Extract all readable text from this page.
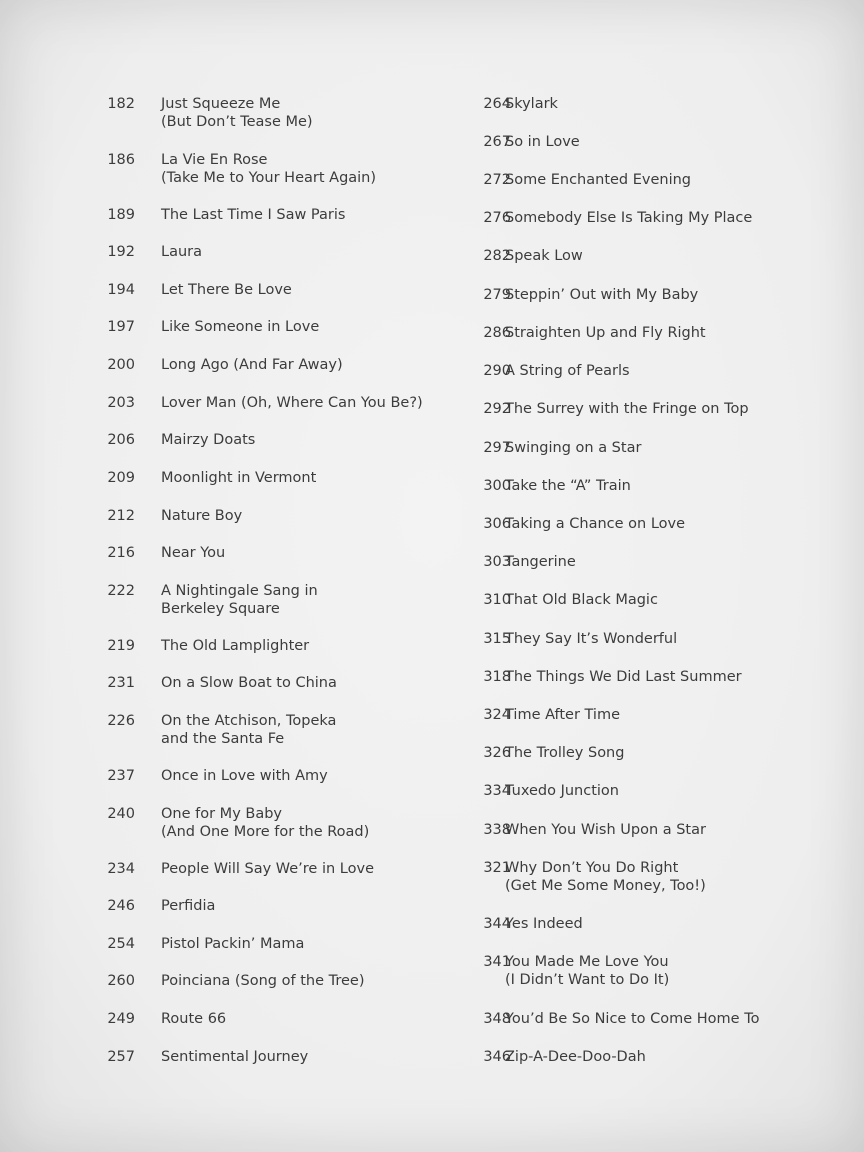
182 Just Squeeze Me
(But Don’t Tease Me)
186 La Vie En Rose
(Take Me to Your Heart Again)
189 The Last Time I Saw Paris
192 Laura
194 Let There Be Love
197 Like Someone in Love
200 Long Ago (And Far Away)
203 Lover Man (Oh, Where Can You Be?)
206 Mairzy Doats
209 Moonlight in Vermont
212 Nature Boy
216 Near You
222 A Nightingale Sang in
Berkeley Square
219 The Old Lamplighter
231 On a Slow Boat to China
226 On the Atchison, Topeka
and the Santa Fe
237 Once in Love with Amy
240 One for My Baby
(And One More for the Road)
234 People Will Say We’re in Love
246 Perfidia
254 Pistol Packin’ Mama
260 Poinciana (Song of the Tree)
249 Route 66
257 Sentimental Journey
264
Skylark
267
So in Love
272
Some Enchanted Evening
276
Somebody Else Is Taking My Place
282
Speak Low
279
Steppin’ Out with My Baby
286
Straighten Up and Fly Right
290
A String of Pearls
292
The Surrey with the Fringe on Top
297
Swinging on a Star
300
Take the “A” Train
306
Taking a Chance on Love
303
Tangerine
310
That Old Black Magic
315
They Say It’s Wonderful
318
The Things We Did Last Summer
324
Time After Time
326
The Trolley Song
334
Tuxedo Junction
338
When You Wish Upon a Star
321
Why Don’t You Do Right
(Get Me Some Money, Too!)
344
Yes Indeed
341
You Made Me Love You
(I Didn’t Want to Do It)
348
You’d Be So Nice to Come Home To
346
Zip-A-Dee-Doo-Dah
